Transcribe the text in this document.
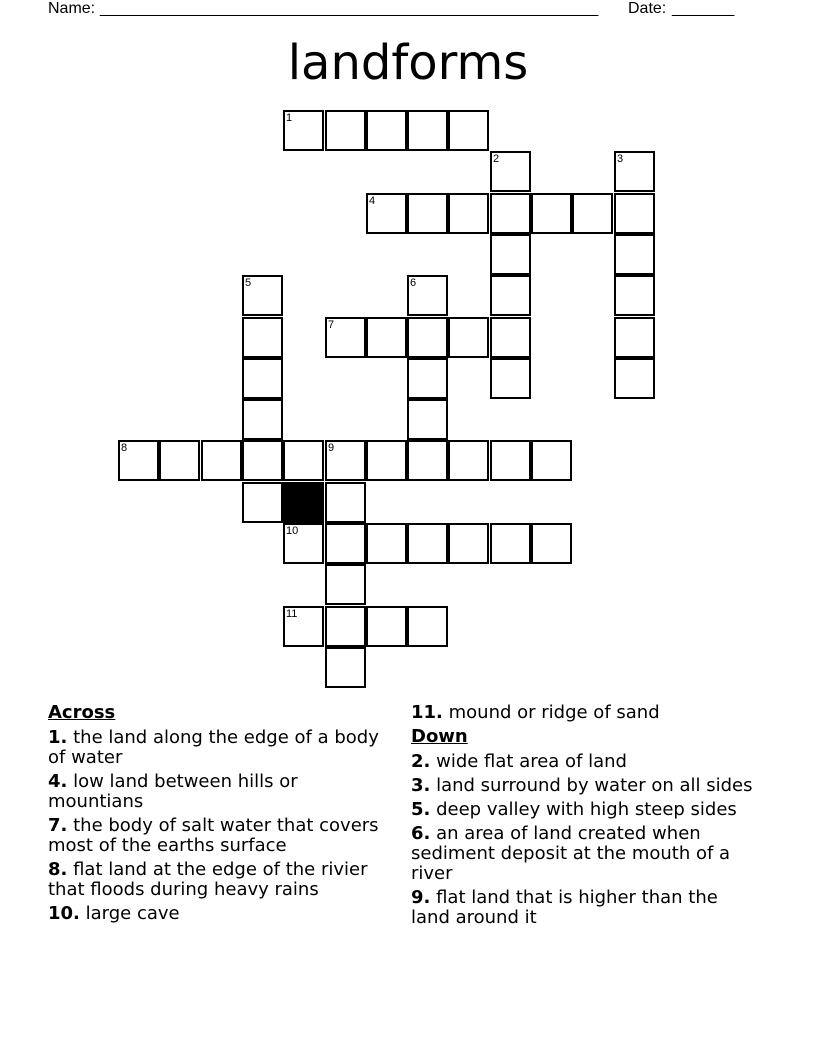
Name: ________________________________________________________ Date: _______
landforms
1
2	3
4
5	6
7
8	9
10
11
Across
1. the land along the edge of a body of water
4. low land between hills or mountians
7. the body of salt water that covers most of the earths surface
8. flat land at the edge of the rivier that floods during heavy rains
10. large cave
11. mound or ridge of sand
Down
2. wide flat area of land
3. land surround by water on all sides
5. deep valley with high steep sides
6. an area of land created when sediment deposit at the mouth of a river
9. flat land that is higher than the land around it
